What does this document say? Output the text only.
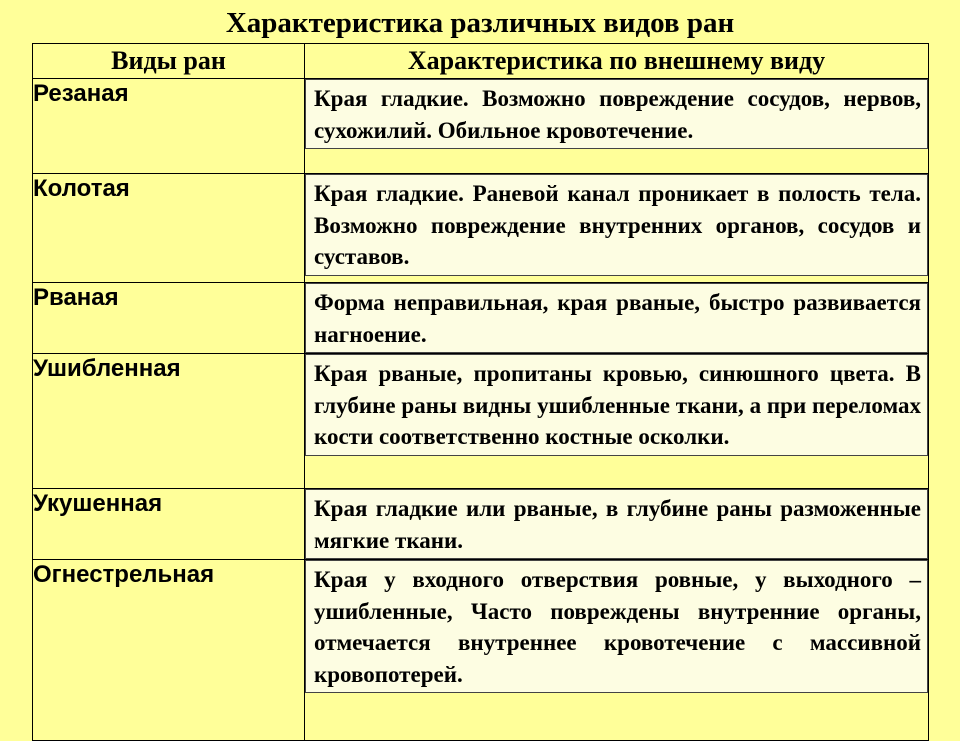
Характеристика различных видов ран
Виды ран	Характеристика по внешнему виду

Резаная	Края гладкие. Возможно повреждение сосудов, нервов, сухожилий. Обильное кровотечение.

Колотая	Края гладкие. Раневой канал проникает в полость тела. Возможно повреждение внутренних органов, сосудов и суставов.

Рваная	Форма неправильная, края рваные, быстро развивается нагноение.

Ушибленная	Края рваные, пропитаны кровью, синюшного цвета. В глубине раны видны ушибленные ткани, а при переломах кости соответственно костные осколки.

Укушенная	Края гладкие или рваные, в глубине раны разможенные мягкие ткани.

Огнестрельная	Края у входного отверствия ровные, у выходного – ушибленные, Часто повреждены внутренние органы, отмечается внутреннее кровотечение с массивной кровопотерей.
